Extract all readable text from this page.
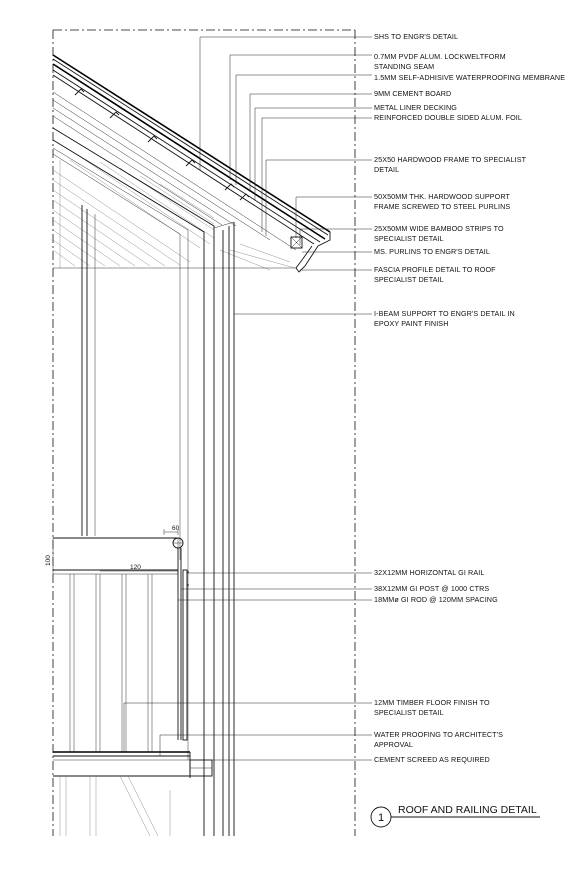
60
120
100
SHS TO ENGR'S DETAIL
0.7MM PVDF ALUM. LOCKWELTFORM
STANDING SEAM
1.5MM SELF-ADHISIVE WATERPROOFING MEMBRANE
9MM CEMENT BOARD
METAL LINER DECKING
REINFORCED DOUBLE SIDED ALUM. FOIL
25X50 HARDWOOD FRAME TO SPECIALIST
DETAIL
50X50MM THK. HARDWOOD SUPPORT
FRAME SCREWED TO STEEL PURLINS
25X50MM WIDE BAMBOO STRIPS TO
SPECIALIST DETAIL
MS. PURLINS TO ENGR'S DETAIL
FASCIA PROFILE DETAIL TO ROOF
SPECIALIST DETAIL
I-BEAM SUPPORT TO ENGR'S DETAIL IN
EPOXY PAINT FINISH
32X12MM HORIZONTAL GI RAIL
38X12MM GI POST @ 1000 CTRS
18MMø GI ROD @ 120MM SPACING
12MM TIMBER FLOOR FINISH TO
SPECIALIST DETAIL
WATER PROOFING TO ARCHITECT'S
APPROVAL
CEMENT SCREED AS REQUIRED
1
ROOF AND RAILING DETAIL
